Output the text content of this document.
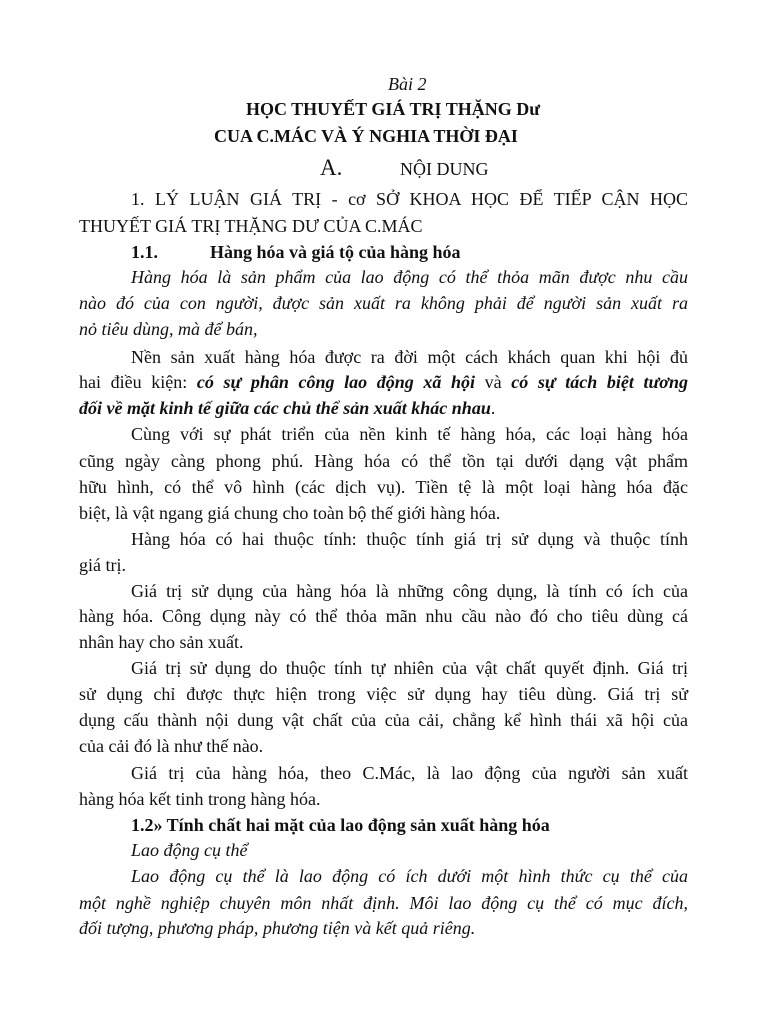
Bài 2
HỌC THUYẾT GIÁ TRỊ THẶNG Dư
CUA C.MÁC VÀ Ý NGHIA THỜI ĐẠI
A.	NỘI DUNG
1. LÝ LUẬN GIÁ TRỊ - cơ SỞ KHOA HỌC ĐỂ TIẾP CẬN HỌC
THUYẾT GIÁ TRỊ THẶNG DƯ CỦA C.MÁC
1.1.	Hàng hóa và giá tộ của hàng hóa
Hàng hóa là sản phẩm của lao động có thể thỏa mãn được nhu cầu
nào đó của con người, được sản xuất ra không phải để người sản xuất ra
nỏ tiêu dùng, mà để bán,
Nền sản xuất hàng hóa được ra đời một cách khách quan khi hội đủ
hai điều kiện: có sự phân công lao động xã hội và có sự tách biệt tương
đối về mặt kinh tế giữa các chủ thể sản xuất khác nhau.
Cùng với sự phát triển của nền kinh tế hàng hóa, các loại hàng hóa
cũng ngày càng phong phú. Hàng hóa có thể tồn tại dưới dạng vật phẩm
hữu hình, có thể vô hình (các dịch vụ). Tiền tệ là một loại hàng hóa đặc
biệt, là vật ngang giá chung cho toàn bộ thế giới hàng hóa.
Hàng hóa có hai thuộc tính: thuộc tính giá trị sử dụng và thuộc tính
giá trị.
Giá trị sử dụng của hàng hóa là những công dụng, là tính có ích của
hàng hóa. Công dụng này có thể thỏa mãn nhu cầu nào đó cho tiêu dùng cá
nhân hay cho sản xuất.
Giá trị sử dụng do thuộc tính tự nhiên của vật chất quyết định. Giá trị
sử dụng chỉ được thực hiện trong việc sử dụng hay tiêu dùng. Giá trị sử
dụng cấu thành nội dung vật chất của của cải, chẳng kể hình thái xã hội của
của cải đó là như thế nào.
Giá trị của hàng hóa, theo C.Mác, là lao động của người sản xuất
hàng hóa kết tinh trong hàng hóa.
1.2» Tính chất hai mặt của lao động sản xuất hàng hóa
Lao động cụ thể
Lao động cụ thể là lao động có ích dưới một hình thức cụ thể của
một nghề nghiệp chuyên môn nhất định. Môi lao động cụ thể có mục đích,
đối tượng, phương pháp, phương tiện và kết quả riêng.
